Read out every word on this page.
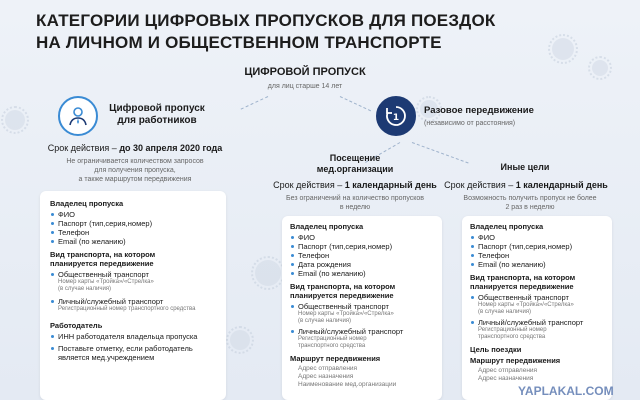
КАТЕГОРИИ ЦИФРОВЫХ ПРОПУСКОВ ДЛЯ ПОЕЗДОК
НА ЛИЧНОМ И ОБЩЕСТВЕННОМ ТРАНСПОРТЕ
ЦИФРОВОЙ ПРОПУСК
для лиц старше 14 лет
Цифровой пропуск
для работников
Срок действия – до 30 апреля 2020 года
Не ограничивается количеством запросов
для получения пропуска,
а также маршрутом передвижения
Владелец пропуска
ФИО
Паспорт (тип,серия,номер)
Телефон
Email (по желанию)
Вид транспорта, на котором
планируется передвижение
Общественный транспорт
Номер карты «Тройка»/«Стрелка»
(в случае наличия)
Личный/служебный транспорт
Регистрационный номер транспортного средства
Работодатель
ИНН работодателя владельца пропуска
Поставьте отметку, если работодатель является мед.учреждением
1
Разовое передвижение
(независимо от расстояния)
Посещение
мед.организации
Срок действия – 1 календарный день
Без ограничений на количество пропусков
в неделю
Владелец пропуска
ФИО
Паспорт (тип,серия,номер)
Телефон
Дата рождения
Email (по желанию)
Вид транспорта, на котором
планируется передвижение
Общественный транспорт
Номер карты «Тройка»/«Стрелка»
(в случае наличия)
Личный/служебный транспорт
Регистрационный номер
транспортного средства
Маршрут передвижения
Адрес отправления
Адрес назначения
Наименование мед.организации
Иные цели
Срок действия – 1 календарный день
Возможность получить пропуск не более
2 раз в неделю
Владелец пропуска
ФИО
Паспорт (тип,серия,номер)
Телефон
Email (по желанию)
Вид транспорта, на котором
планируется передвижение
Общественный транспорт
Номер карты «Тройка»/«Стрелка»
(в случае наличия)
Личный/служебный транспорт
Регистрационный номер
транспортного средства
Цель поездки
Маршрут передвижения
Адрес отправления
Адрес назначения
YAPLAKAL.COM
